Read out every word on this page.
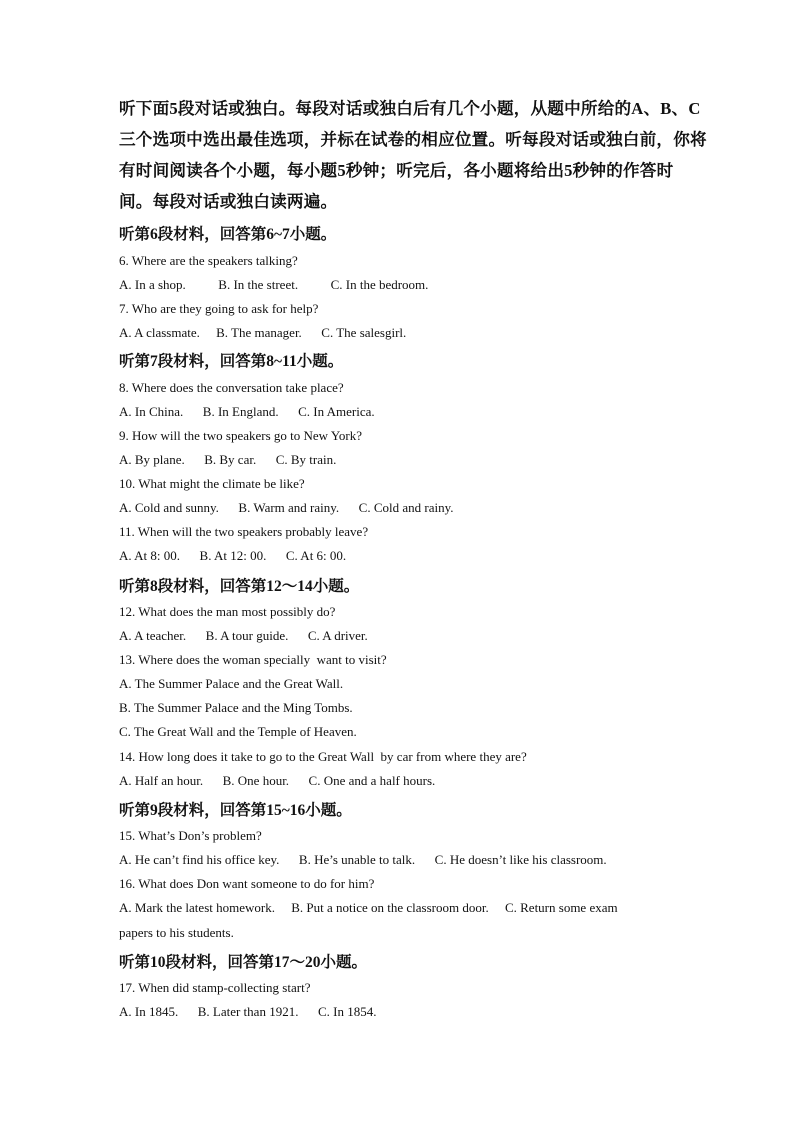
听下面5段对话或独白。每段对话或独白后有几个小题，从题中所给的A、B、C

三个选项中选出最佳选项，并标在试卷的相应位置。听每段对话或独白前，你将

有时间阅读各个小题，每小题5秒钟；听完后，各小题将给出5秒钟的作答时

间。每段对话或独白读两遍。

听第6段材料，回答第6~7小题。
6. Where are the speakers talking?
A. In a shop.          B. In the street.          C. In the bedroom.
7. Who are they going to ask for help?
A. A classmate.     B. The manager.      C. The salesgirl.
听第7段材料，回答第8~11小题。
8. Where does the conversation take place?
A. In China.      B. In England.      C. In America.
9. How will the two speakers go to New York?
A. By plane.      B. By car.      C. By train.
10. What might the climate be like?
A. Cold and sunny.      B. Warm and rainy.      C. Cold and rainy.
11. When will the two speakers probably leave?
A. At 8: 00.      B. At 12: 00.      C. At 6: 00.
听第8段材料，回答第12～14小题。
12. What does the man most possibly do?
A. A teacher.      B. A tour guide.      C. A driver.
13. Where does the woman specially  want to visit?
A. The Summer Palace and the Great Wall.
B. The Summer Palace and the Ming Tombs.
C. The Great Wall and the Temple of Heaven.
14. How long does it take to go to the Great Wall  by car from where they are?
A. Half an hour.      B. One hour.      C. One and a half hours.
听第9段材料，回答第15~16小题。
15. What’s Don’s problem?
A. He can’t find his office key.      B. He’s unable to talk.      C. He doesn’t like his classroom.
16. What does Don want someone to do for him?
A. Mark the latest homework.     B. Put a notice on the classroom door.     C. Return some exam
papers to his students.
听第10段材料，回答第17～20小题。
17. When did stamp-collecting start?
A. In 1845.      B. Later than 1921.      C. In 1854.
